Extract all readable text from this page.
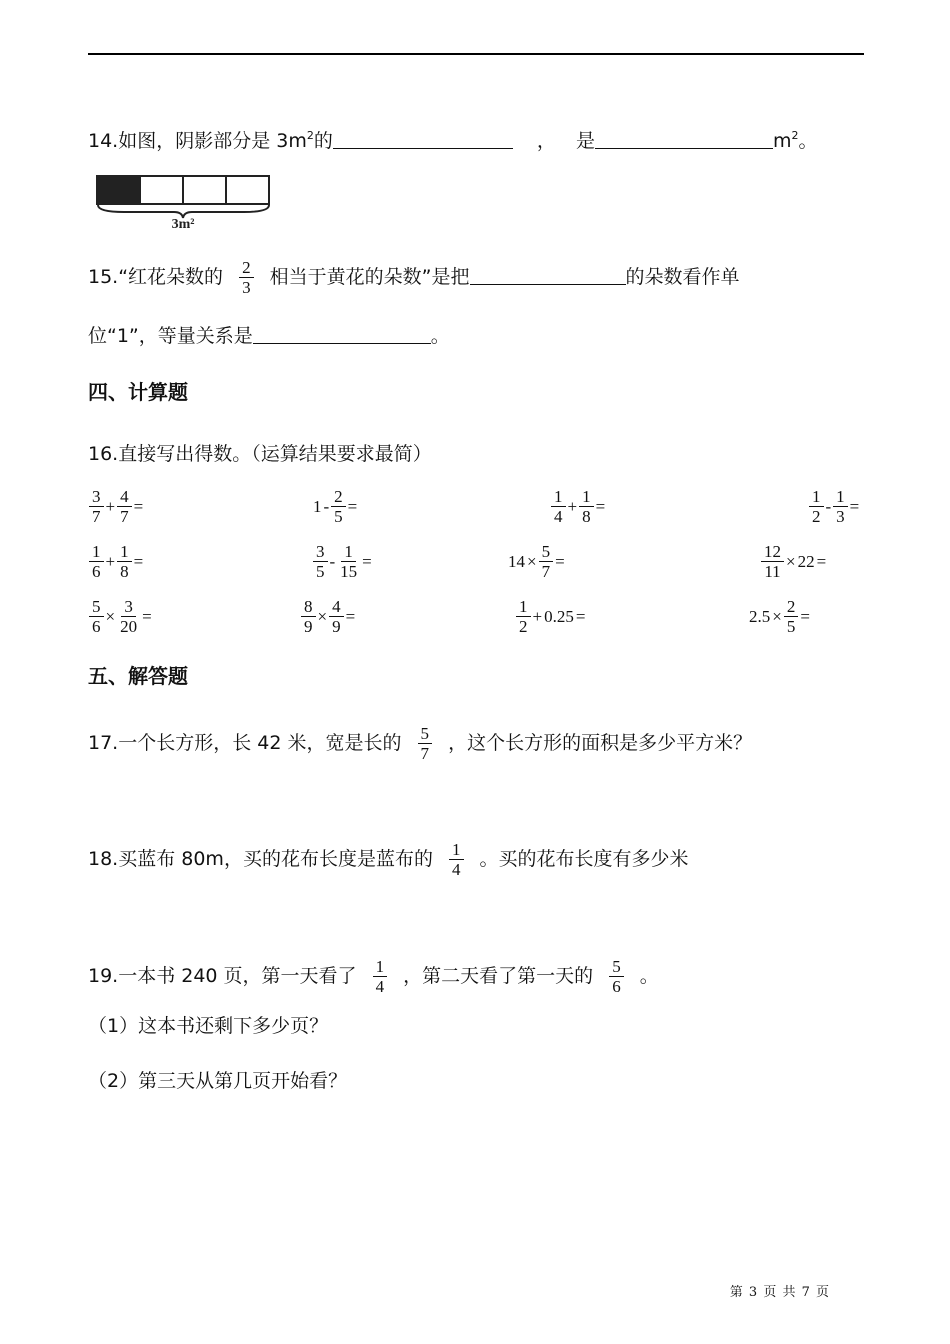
14.如图，阴影部分是 $3m^2$的	， 是	$m^2$。
3m²
15.“红花朵数的 $\frac{2}{3}$ 相当于黄花的朵数”是把	的朵数看作单
位“1”，等量关系是	。
四、计算题
16.直接写出得数。（运算结果要求最简）
$\frac{3}{7} + \frac{4}{7}$ =	$1 - \frac{2}{5}$ =	$\frac{1}{4} + \frac{1}{8}$ =	$\frac{1}{2} - \frac{1}{3}$ =
$\frac{1}{6} + \frac{1}{8}$ =	$\frac{3}{5} - \frac{1}{15}$ =	$14 \times \frac{5}{7}$ =	$\frac{12}{11} \times 22$ =
$\frac{5}{6} \times \frac{3}{20}$ =	$\frac{8}{9} \times \frac{4}{9}$ =	$\frac{1}{2} + 0.25$ =	$2.5 \times \frac{2}{5}$ =
五、解答题
17.一个长方形，长 42 米，宽是长的 $\frac{5}{7}$ ，这个长方形的面积是多少平方米？
18.买蓝布 80m，买的花布长度是蓝布的 $\frac{1}{4}$ 。买的花布长度有多少米
19.一本书 240 页，第一天看了 $\frac{1}{4}$ ，第二天看了第一天的 $\frac{5}{6}$ 。
（1）这本书还剩下多少页？
（2）第三天从第几页开始看？
第 3 页 共 7 页
